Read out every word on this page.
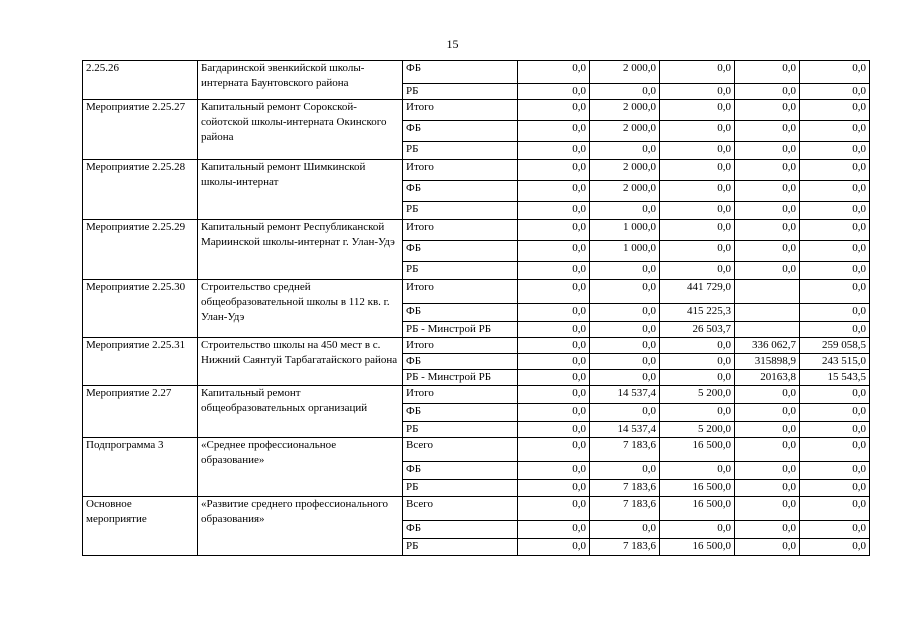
15
2.25.26	Багдаринской эвенкийской школы-интерната Баунтовского района	ФБ	0,0	2 000,0	0,0	0,0	0,0
		РБ	0,0	0,0	0,0	0,0	0,0
Мероприятие 2.25.27	Капитальный ремонт Сорокской-сойотской школы-интерната Окинского района	Итого	0,0	2 000,0	0,0	0,0	0,0
		ФБ	0,0	2 000,0	0,0	0,0	0,0
		РБ	0,0	0,0	0,0	0,0	0,0
Мероприятие 2.25.28	Капитальный ремонт Шимкинской школы-интернат	Итого	0,0	2 000,0	0,0	0,0	0,0
		ФБ	0,0	2 000,0	0,0	0,0	0,0
		РБ	0,0	0,0	0,0	0,0	0,0
Мероприятие 2.25.29	Капитальный ремонт Республиканской Мариинской школы-интернат г. Улан-Удэ	Итого	0,0	1 000,0	0,0	0,0	0,0
		ФБ	0,0	1 000,0	0,0	0,0	0,0
		РБ	0,0	0,0	0,0	0,0	0,0
Мероприятие 2.25.30	Строительство средней общеобразовательной школы в 112 кв. г. Улан-Удэ	Итого	0,0	0,0	441 729,0		0,0
		ФБ	0,0	0,0	415 225,3		0,0
		РБ - Минстрой РБ	0,0	0,0	26 503,7		0,0
Мероприятие 2.25.31	Строительство школы на 450 мест в с. Нижний Саянтуй Тарбагатайского района	Итого	0,0	0,0	0,0	336 062,7	259 058,5
		ФБ	0,0	0,0	0,0	315898,9	243 515,0
		РБ - Минстрой РБ	0,0	0,0	0,0	20163,8	15 543,5
Мероприятие 2.27	Капитальный ремонт общеобразовательных организаций	Итого	0,0	14 537,4	5 200,0	0,0	0,0
		ФБ	0,0	0,0	0,0	0,0	0,0
		РБ	0,0	14 537,4	5 200,0	0,0	0,0
Подпрограмма 3	«Среднее профессиональное образование»	Всего	0,0	7 183,6	16 500,0	0,0	0,0
		ФБ	0,0	0,0	0,0	0,0	0,0
		РБ	0,0	7 183,6	16 500,0	0,0	0,0
Основное мероприятие	«Развитие среднего профессионального образования»	Всего	0,0	7 183,6	16 500,0	0,0	0,0
		ФБ	0,0	0,0	0,0	0,0	0,0
		РБ	0,0	7 183,6	16 500,0	0,0	0,0
